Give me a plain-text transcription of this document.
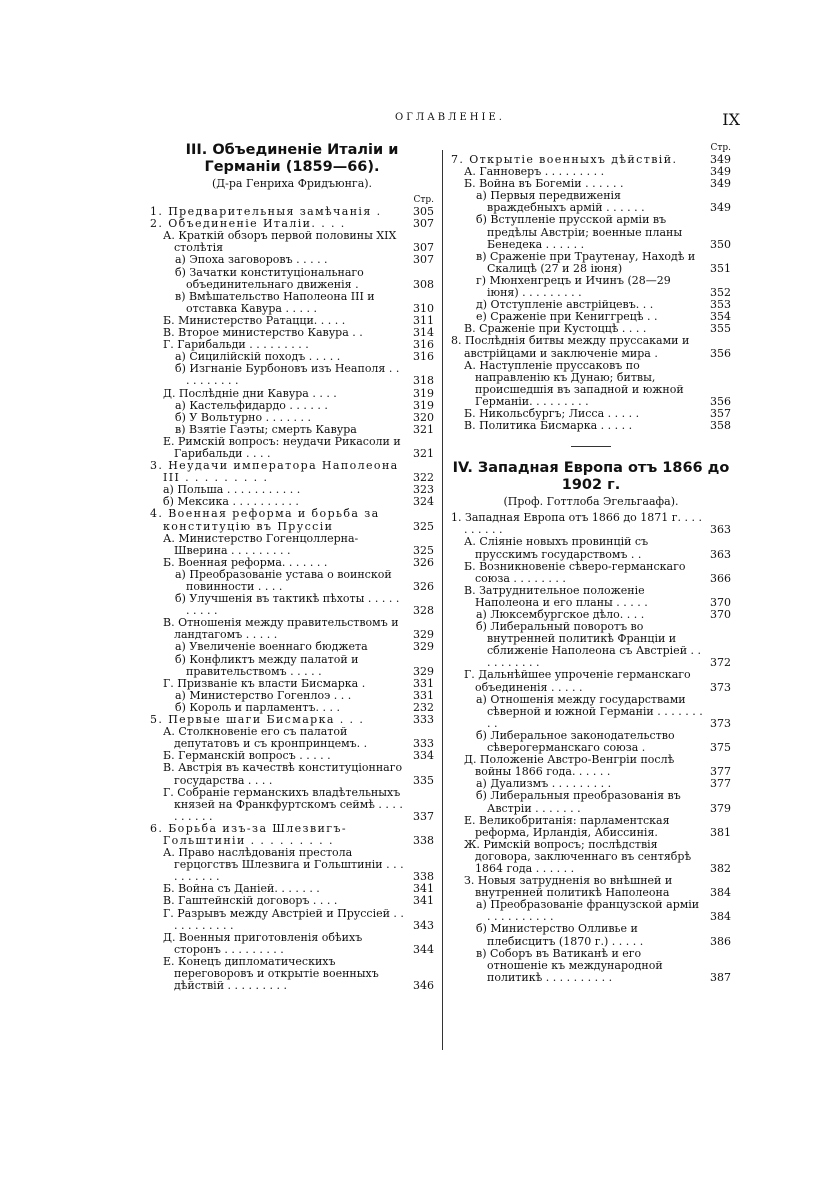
ОГЛАВЛЕНIЕ.	IX
III. Объединенiе Италiи и Германiи (1859—66).
(Д-ра Генриха Фридъюнга).
Стр.
1. Предварительныя замѣчанiя .	305
2. Объединенiе Италiи. . . .	307
А. Краткiй обзоръ первой половины XIX столѣтiя	307
а) Эпоха заговоровъ . . . . .	307
б) Зачатки конституцiональнаго объединительнаго движенiя .	308
в) Вмѣшательство Наполеона III и отставка Кавура . . . . .	310
Б. Министерство Ратацци. . . . .	311
В. Второе министерство Кавура . .	314
Г. Гарибальди . . . . . . . . .	316
а) Сицилiйскiй походъ . . . . .	316
б) Изгнанiе Бурбоновъ изъ Неаполя . . . . . . . . . .	318
Д. Послѣднiе дни Кавура . . . .	319
а) Кастельфидардо . . . . . .	319
б) У Вольтурно . . . . . . .	320
в) Взятiе Гаэты; смерть Кавура	321
Е. Римскiй вопросъ: неудачи Рикасоли и Гарибальди . . . .	321
3. Неудачи императора Наполеона III . . . . . . . . .	322
а) Польша . . . . . . . . . . .	323
б) Мексика . . . . . . . . . .	324
4. Военная реформа и борьба за конституцiю въ Пруссiи	325
А. Министерство Гогенцоллерна-Шверина . . . . . . . . .	325
Б. Военная реформа. . . . . . .	326
а) Преобразованiе устава о воинской повинности . . . .	326
б) Улучшенiя въ тактикѣ пѣхоты . . . . . . . . . .	328
В. Отношенiя между правительствомъ и ландтагомъ . . . . .	329
а) Увеличенiе военнаго бюджета	329
б) Конфликтъ между палатой и правительствомъ . . . . .	329
Г. Призванiе къ власти Бисмарка .	331
а) Министерство Гогенлоэ . . .	331
б) Король и парламентъ. . . .	232
5. Первые шаги Бисмарка . . .	333
А. Столкновенiе его съ палатой депутатовъ и съ кронпринцемъ. .	333
Б. Германскiй вопросъ . . . . .	334
В. Австрiя въ качествѣ конституцiоннаго государства . . . .	335
Г. Собранiе германскихъ владѣтельныхъ князей на Франкфуртскомъ сеймѣ . . . . . . . . . .	337
6. Борьба изъ-за Шлезвигъ-Гольштинiи . . . . . . . . .	338
А. Право наслѣдованiя престола герцогствъ Шлезвига и Гольштинiи . . . . . . . . . .	338
Б. Война съ Данiей. . . . . . .	341
В. Гаштейнскiй договоръ . . . .	341
Г. Разрывъ между Австрiей и Пруссiей . . . . . . . . . . .	343
Д. Военныя приготовленiя обѣихъ сторонъ . . . . . . . . .	344
Е. Конецъ дипломатическихъ переговоровъ и открытiе военныхъ дѣйствiй . . . . . . . . .	346
Стр.
7. Открытiе военныхъ дѣйствiй.	349
А. Ганноверъ . . . . . . . . .	349
Б. Война въ Богемiи . . . . . .	349
а) Первыя передвиженiя враждебныхъ армiй . . . . . .	349
б) Вступленiе прусской армiи въ предѣлы Австрiи; военные планы Бенедека . . . . . .	350
в) Сраженiе при Траутенау, Находѣ и Скалицѣ (27 и 28 iюня)	351
г) Мюнхенгрецъ и Ичинъ (28—29 iюня) . . . . . . . . .	352
д) Отступленiе австрiйцевъ. . .	353
е) Сраженiе при Кениггрецѣ . .	354
В. Сраженiе при Кустоццѣ . . . .	355
8. Послѣднiя битвы между пруссаками и австрiйцами и заключенiе мира .	356
А. Наступленiе пруссаковъ по направленiю къ Дунаю; битвы, происшедшiя въ западной и южной Германiи. . . . . . . . .	356
Б. Никольсбургъ; Лисса . . . . .	357
В. Политика Бисмарка . . . . .	358
IV. Западная Европа отъ 1866 до 1902 г.
(Проф. Готтлоба Эгельгаафа).
1. Западная Европа отъ 1866 до 1871 г. . . . . . . . . .	363
А. Слiянiе новыхъ провинцiй съ прусскимъ государствомъ . .	363
Б. Возникновенiе сѣверо-германскаго союза . . . . . . . .	366
В. Затруднительное положенiе Наполеона и его планы . . . . .	370
а) Люксембургское дѣло. . . .	370
б) Либеральный поворотъ во внутренней политикѣ Францiи и сближенiе Наполеона съ Австрiей . . . . . . . . . .	372
Г. Дальнѣйшее упроченiе германскаго объединенiя . . . . .	373
а) Отношенiя между государствами сѣверной и южной Германiи . . . . . . . . .	373
б) Либеральное законодательство сѣверогерманскаго союза .	375
Д. Положенiе Австро-Венгрiи послѣ войны 1866 года. . . . . .	377
а) Дуализмъ . . . . . . . . .	377
б) Либеральныя преобразованiя въ Австрiи . . . . . . .	379
Е. Великобританiя: парламентская реформа, Ирландiя, Абиссинiя.	381
Ж. Римскiй вопросъ; послѣдствiя договора, заключеннаго въ сентябрѣ 1864 года . . . . . .	382
З. Новыя затрудненiя во внѣшней и внутренней политикѣ Наполеона	384
а) Преобразованiе французской армiи . . . . . . . . . .	384
б) Министерство Олливье и плебисцитъ (1870 г.) . . . . .	386
в) Соборъ въ Ватиканѣ и его отношенiе къ международной политикѣ . . . . . . . . . .	387
